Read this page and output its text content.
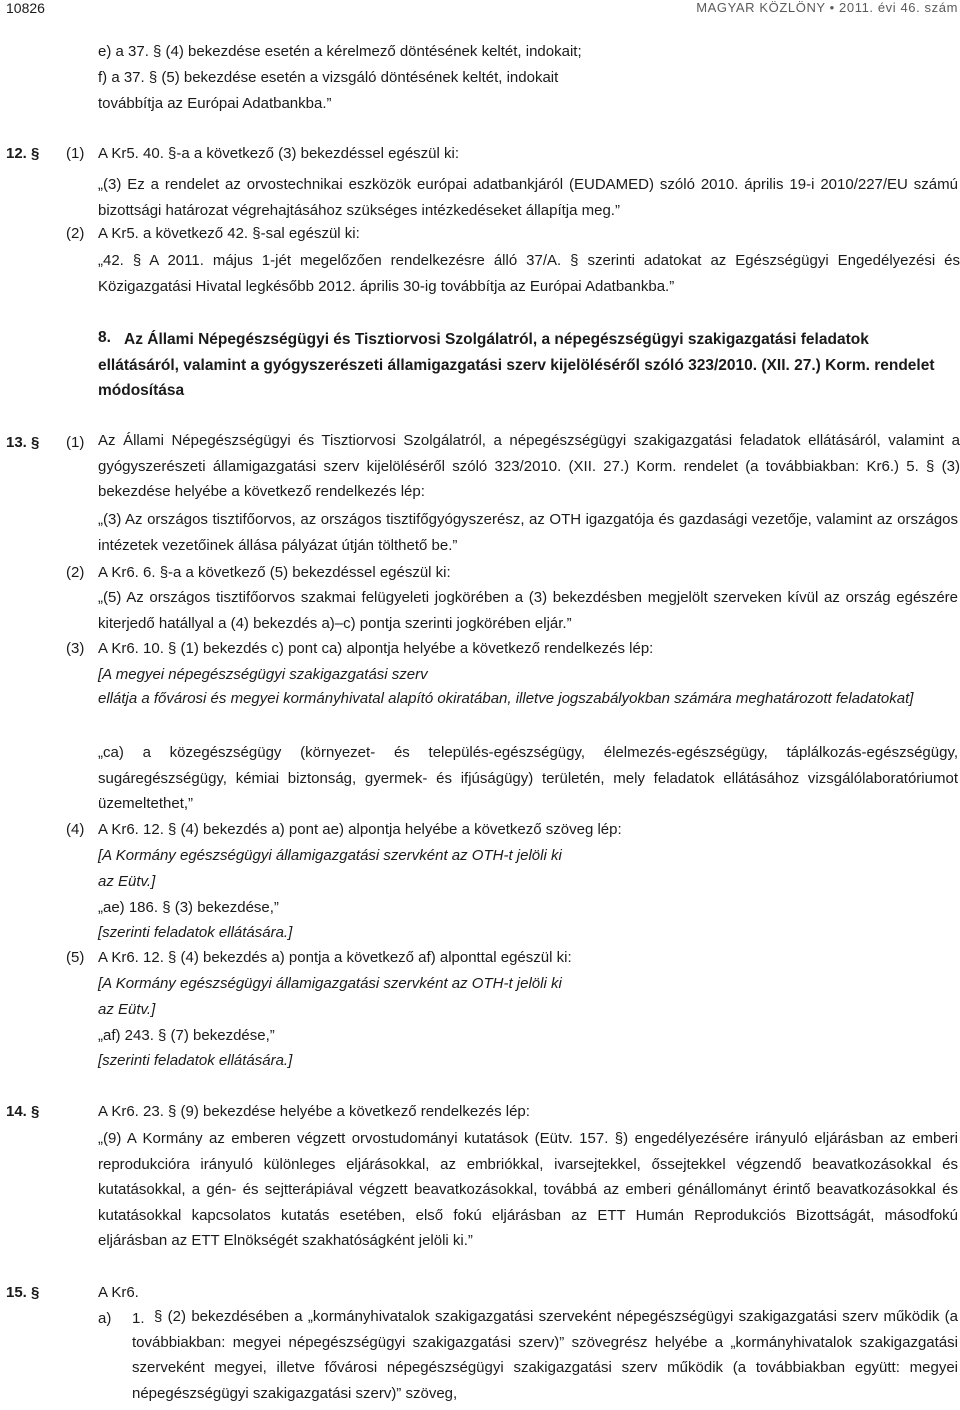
10826	MAGYAR KÖZLÖNY • 2011. évi 46. szám
e) a 37. § (4) bekezdése esetén a kérelmező döntésének keltét, indokait;
f) a 37. § (5) bekezdése esetén a vizsgáló döntésének keltét, indokait
továbbítja az Európai Adatbankba.”
12. § (1) A Kr5. 40. §-a a következő (3) bekezdéssel egészül ki:
„(3) Ez a rendelet az orvostechnikai eszközök európai adatbankjáról (EUDAMED) szóló 2010. április 19-i 2010/227/EU számú bizottsági határozat végrehajtásához szükséges intézkedéseket állapítja meg.”
(2) A Kr5. a következő 42. §-sal egészül ki:
„42. § A 2011. május 1-jét megelőzően rendelkezésre álló 37/A. § szerinti adatokat az Egészségügyi Engedélyezési és Közigazgatási Hivatal legkésőbb 2012. április 30-ig továbbítja az Európai Adatbankba.”
8. Az Állami Népegészségügyi és Tisztiorvosi Szolgálatról, a népegészségügyi szakigazgatási feladatok ellátásáról, valamint a gyógyszerészeti államigazgatási szerv kijelöléséről szóló 323/2010. (XII. 27.) Korm. rendelet módosítása
13. § (1) Az Állami Népegészségügyi és Tisztiorvosi Szolgálatról, a népegészségügyi szakigazgatási feladatok ellátásáról, valamint a gyógyszerészeti államigazgatási szerv kijelöléséről szóló 323/2010. (XII. 27.) Korm. rendelet (a továbbiakban: Kr6.) 5. § (3) bekezdése helyébe a következő rendelkezés lép:
„(3) Az országos tisztifőorvos, az országos tisztifőgyógyszerész, az OTH igazgatója és gazdasági vezetője, valamint az országos intézetek vezetőinek állása pályázat útján tölthető be.”
(2) A Kr6. 6. §-a a következő (5) bekezdéssel egészül ki:
„(5) Az országos tisztifőorvos szakmai felügyeleti jogkörében a (3) bekezdésben megjelölt szerveken kívül az ország egészére kiterjedő hatállyal a (4) bekezdés a)–c) pontja szerinti jogkörében eljár.”
(3) A Kr6. 10. § (1) bekezdés c) pont ca) alpontja helyébe a következő rendelkezés lép:
[A megyei népegészségügyi szakigazgatási szerv
ellátja a fővárosi és megyei kormányhivatal alapító okiratában, illetve jogszabályokban számára meghatározott feladatokat]
„ca) a közegészségügy (környezet- és település-egészségügy, élelmezés-egészségügy, táplálkozás-egészségügy, sugáregészségügy, kémiai biztonság, gyermek- és ifjúságügy) területén, mely feladatok ellátásához vizsgálólaboratóriumot üzemeltethet,”
(4) A Kr6. 12. § (4) bekezdés a) pont ae) alpontja helyébe a következő szöveg lép:
[A Kormány egészségügyi államigazgatási szervként az OTH-t jelöli ki
az Eütv.]
„ae) 186. § (3) bekezdése,”
[szerinti feladatok ellátására.]
(5) A Kr6. 12. § (4) bekezdés a) pontja a következő af) alponttal egészül ki:
[A Kormány egészségügyi államigazgatási szervként az OTH-t jelöli ki
az Eütv.]
„af) 243. § (7) bekezdése,”
[szerinti feladatok ellátására.]
14. §	A Kr6. 23. § (9) bekezdése helyébe a következő rendelkezés lép:
„(9) A Kormány az emberen végzett orvostudományi kutatások (Eütv. 157. §) engedélyezésére irányuló eljárásban az emberi reprodukcióra irányuló különleges eljárásokkal, az embriókkal, ivarsejtekkel, őssejtekkel végzendő beavatkozásokkal és kutatásokkal, a gén- és sejtterápiával végzett beavatkozásokkal, továbbá az emberi génállományt érintő beavatkozásokkal és kutatásokkal kapcsolatos kutatás esetében, első fokú eljárásban az ETT Humán Reprodukciós Bizottságát, másodfokú eljárásban az ETT Elnökségét szakhatóságként jelöli ki.”
15. §	A Kr6.
a) 1. § (2) bekezdésében a „kormányhivatalok szakigazgatási szerveként népegészségügyi szakigazgatási szerv működik (a továbbiakban: megyei népegészségügyi szakigazgatási szerv)” szövegrész helyébe a „kormányhivatalok szakigazgatási szerveként megyei, illetve fővárosi népegészségügyi szakigazgatási szerv működik (a továbbiakban együtt: megyei népegészségügyi szakigazgatási szerv)” szöveg,
